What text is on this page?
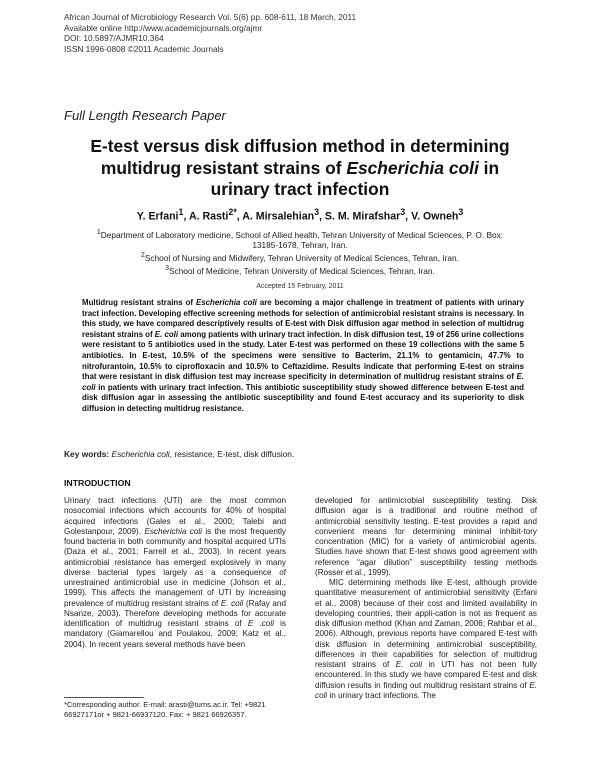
African Journal of Microbiology Research Vol. 5(6) pp. 608-611, 18 March, 2011
Available online http://www.academicjournals.org/ajmr
DOI: 10.5897/AJMR10.364
ISSN 1996-0808 ©2011 Academic Journals
Full Length Research Paper
E-test versus disk diffusion method in determining
multidrug resistant strains of Escherichia coli in
urinary tract infection
Y. Erfani$^1$, A. Rasti$^{2*}$, A. Mirsalehian$^3$, S. M. Mirafshar$^3$, V. Owneh$^3$
$^1$Department of Laboratory medicine, School of Allied health, Tehran University of Medical Sciences, P. O. Box:
13185-1678, Tehran, Iran.
$^2$School of Nursing and Midwifery, Tehran University of Medical Sciences, Tehran, Iran.
$^3$School of Medicine, Tehran University of Medical Sciences, Tehran, Iran.
Accepted 15 February, 2011
Multidrug resistant strains of Escherichia coli are becoming a major challenge in treatment of patients with urinary tract infection. Developing effective screening methods for selection of antimicrobial resistant strains is necessary. In this study, we have compared descriptively results of E-test with Disk diffusion agar method in selection of multidrug resistant strains of E. coli among patients with urinary tract infection. In disk diffusion test, 19 of 256 urine collections were resistant to 5 antibiotics used in the study. Later E-test was performed on these 19 collections with the same 5 antibiotics. In E-test, 10.5% of the specimens were sensitive to Bacterim, 21.1% to gentamicin, 47.7% to nitrofurantoin, 10.5% to ciprofloxacin and 10.5% to Ceftazidime. Results indicate that performing E-test on strains that were resistant in disk diffusion test may increase specificity in determination of multidrug resistant strains of E. coli in patients with urinary tract infection. This antibiotic susceptibility study showed difference between E-test and disk diffusion agar in assessing the antibiotic susceptibility and found E-test accuracy and its superiority to disk diffusion in detecting multidrug resistance.
Key words: Escherichia coli, resistance, E-test, disk diffusion.
INTRODUCTION

Urinary tract infections (UTI) are the most common nosocomial infections which accounts for 40% of hospital acquired infections (Gales et al., 2000; Talebi and Golestanpour, 2009). Escherichia coli is the most frequently found bacteria in both community and hospital acquired UTIs (Daza et al., 2001; Farrell et al., 2003). In recent years antimicrobial resistance has emerged explosively in many diverse bacterial types largely as a consequence of unrestrained antimicrobial use in medicine (Johson et al., 1999). This affects the management of UTI by increasing prevalence of multidrug resistant strains of E. coli (Rafay and Nsanze, 2003). Therefore developing methods for accurate identification of multidrug resistant strains of E .coli is mandatory (Giamarellou and Poulakou, 2009; Katz et al., 2004). In recent years several methods have been

developed for antimicrobial susceptibility testing. Disk diffusion agar is a traditional and routine method of antimicrobial sensitivity testing. E-test provides a rapid and convenient means for determining minimal inhibit-tory concentration (MIC) for a variety of antimicrobial agents. Studies have shown that E-test shows good agreement with reference “agar dilution” susceptibility testing methods (Rosser et al., 1999).

MIC determining methods like E-test, although provide quantitative measurement of antimicrobial sensitivity (Erfani et al., 2008) because of their cost and limited availability in developing countries, their appli-cation is not as frequent as disk diffusion method (Khan and Zaman, 2006; Rahbar et al., 2006). Although, previous reports have compared E-test with disk diffusion in determining antimicrobial susceptibility, differences in their capabilities for selection of multidrug resistant strains of E. coli in UTI has not been fully encountered. In this study we have compared E-test and disk diffusion results in finding out multidrug resistant strains of E. coli in urinary tract infections. The

*Corresponding author. E-mail: arasti@tums.ac.ir. Tel: +9821 66927171or + 9821-66937120. Fax: + 9821 66926357.
